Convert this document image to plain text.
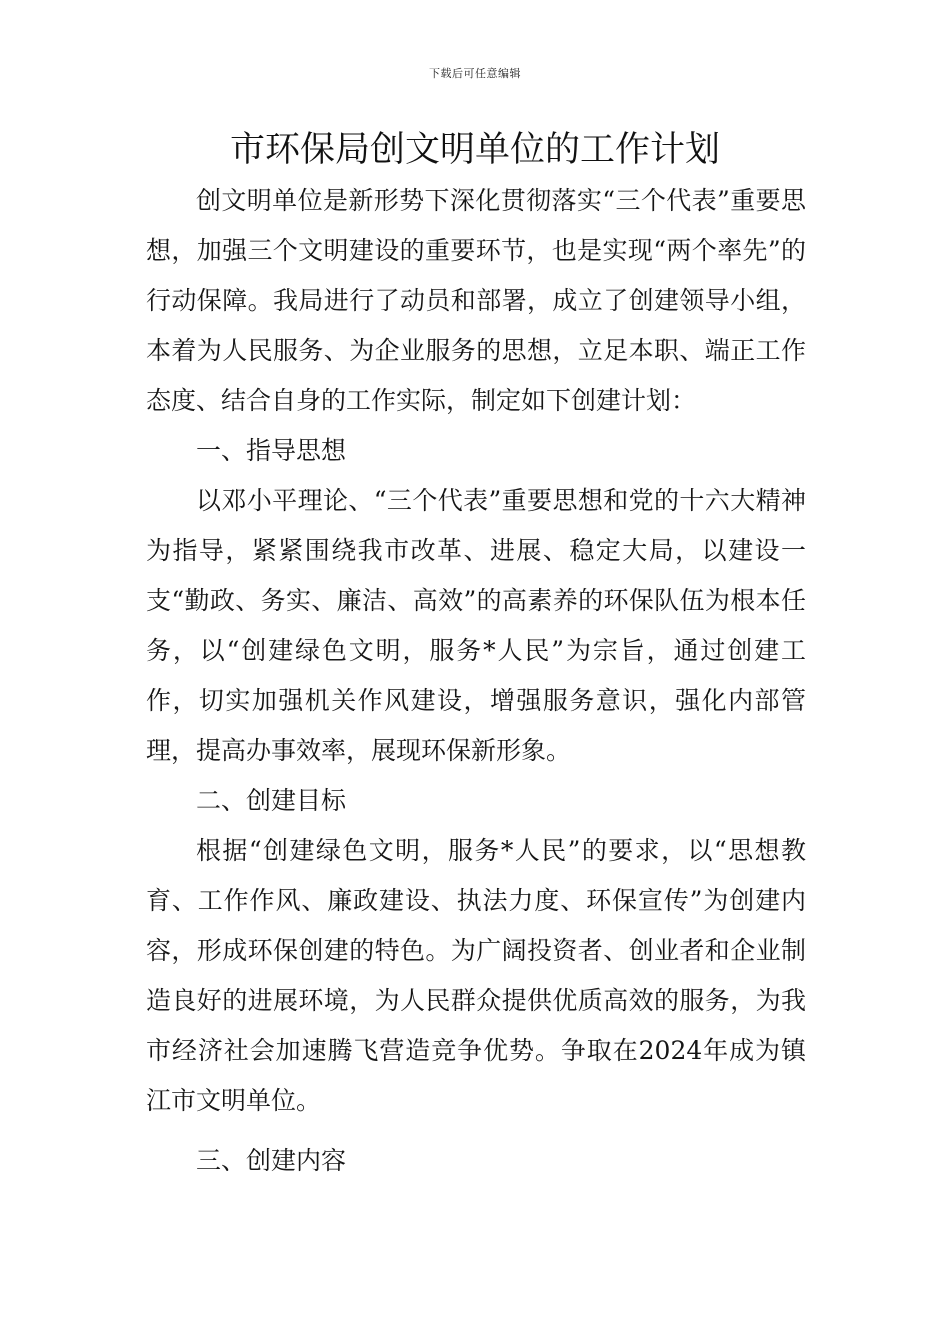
下载后可任意编辑
市环保局创文明单位的工作计划

创文明单位是新形势下深化贯彻落实“三个代表”重要思想，加强三个文明建设的重要环节，也是实现“两个率先”的行动保障。我局进行了动员和部署，成立了创建领导小组，本着为人民服务、为企业服务的思想，立足本职、端正工作态度、结合自身的工作实际，制定如下创建计划：

一、指导思想

以邓小平理论、“三个代表”重要思想和党的十六大精神为指导，紧紧围绕我市改革、进展、稳定大局，以建设一支“勤政、务实、廉洁、高效”的高素养的环保队伍为根本任务，以“创建绿色文明，服务*人民”为宗旨，通过创建工作，切实加强机关作风建设，增强服务意识，强化内部管理，提高办事效率，展现环保新形象。

二、创建目标

根据“创建绿色文明，服务*人民”的要求，以“思想教育、工作作风、廉政建设、执法力度、环保宣传”为创建内容，形成环保创建的特色。为广阔投资者、创业者和企业制造良好的进展环境，为人民群众提供优质高效的服务，为我市经济社会加速腾飞营造竞争优势。争取在2024年成为镇江市文明单位。

三、创建内容
